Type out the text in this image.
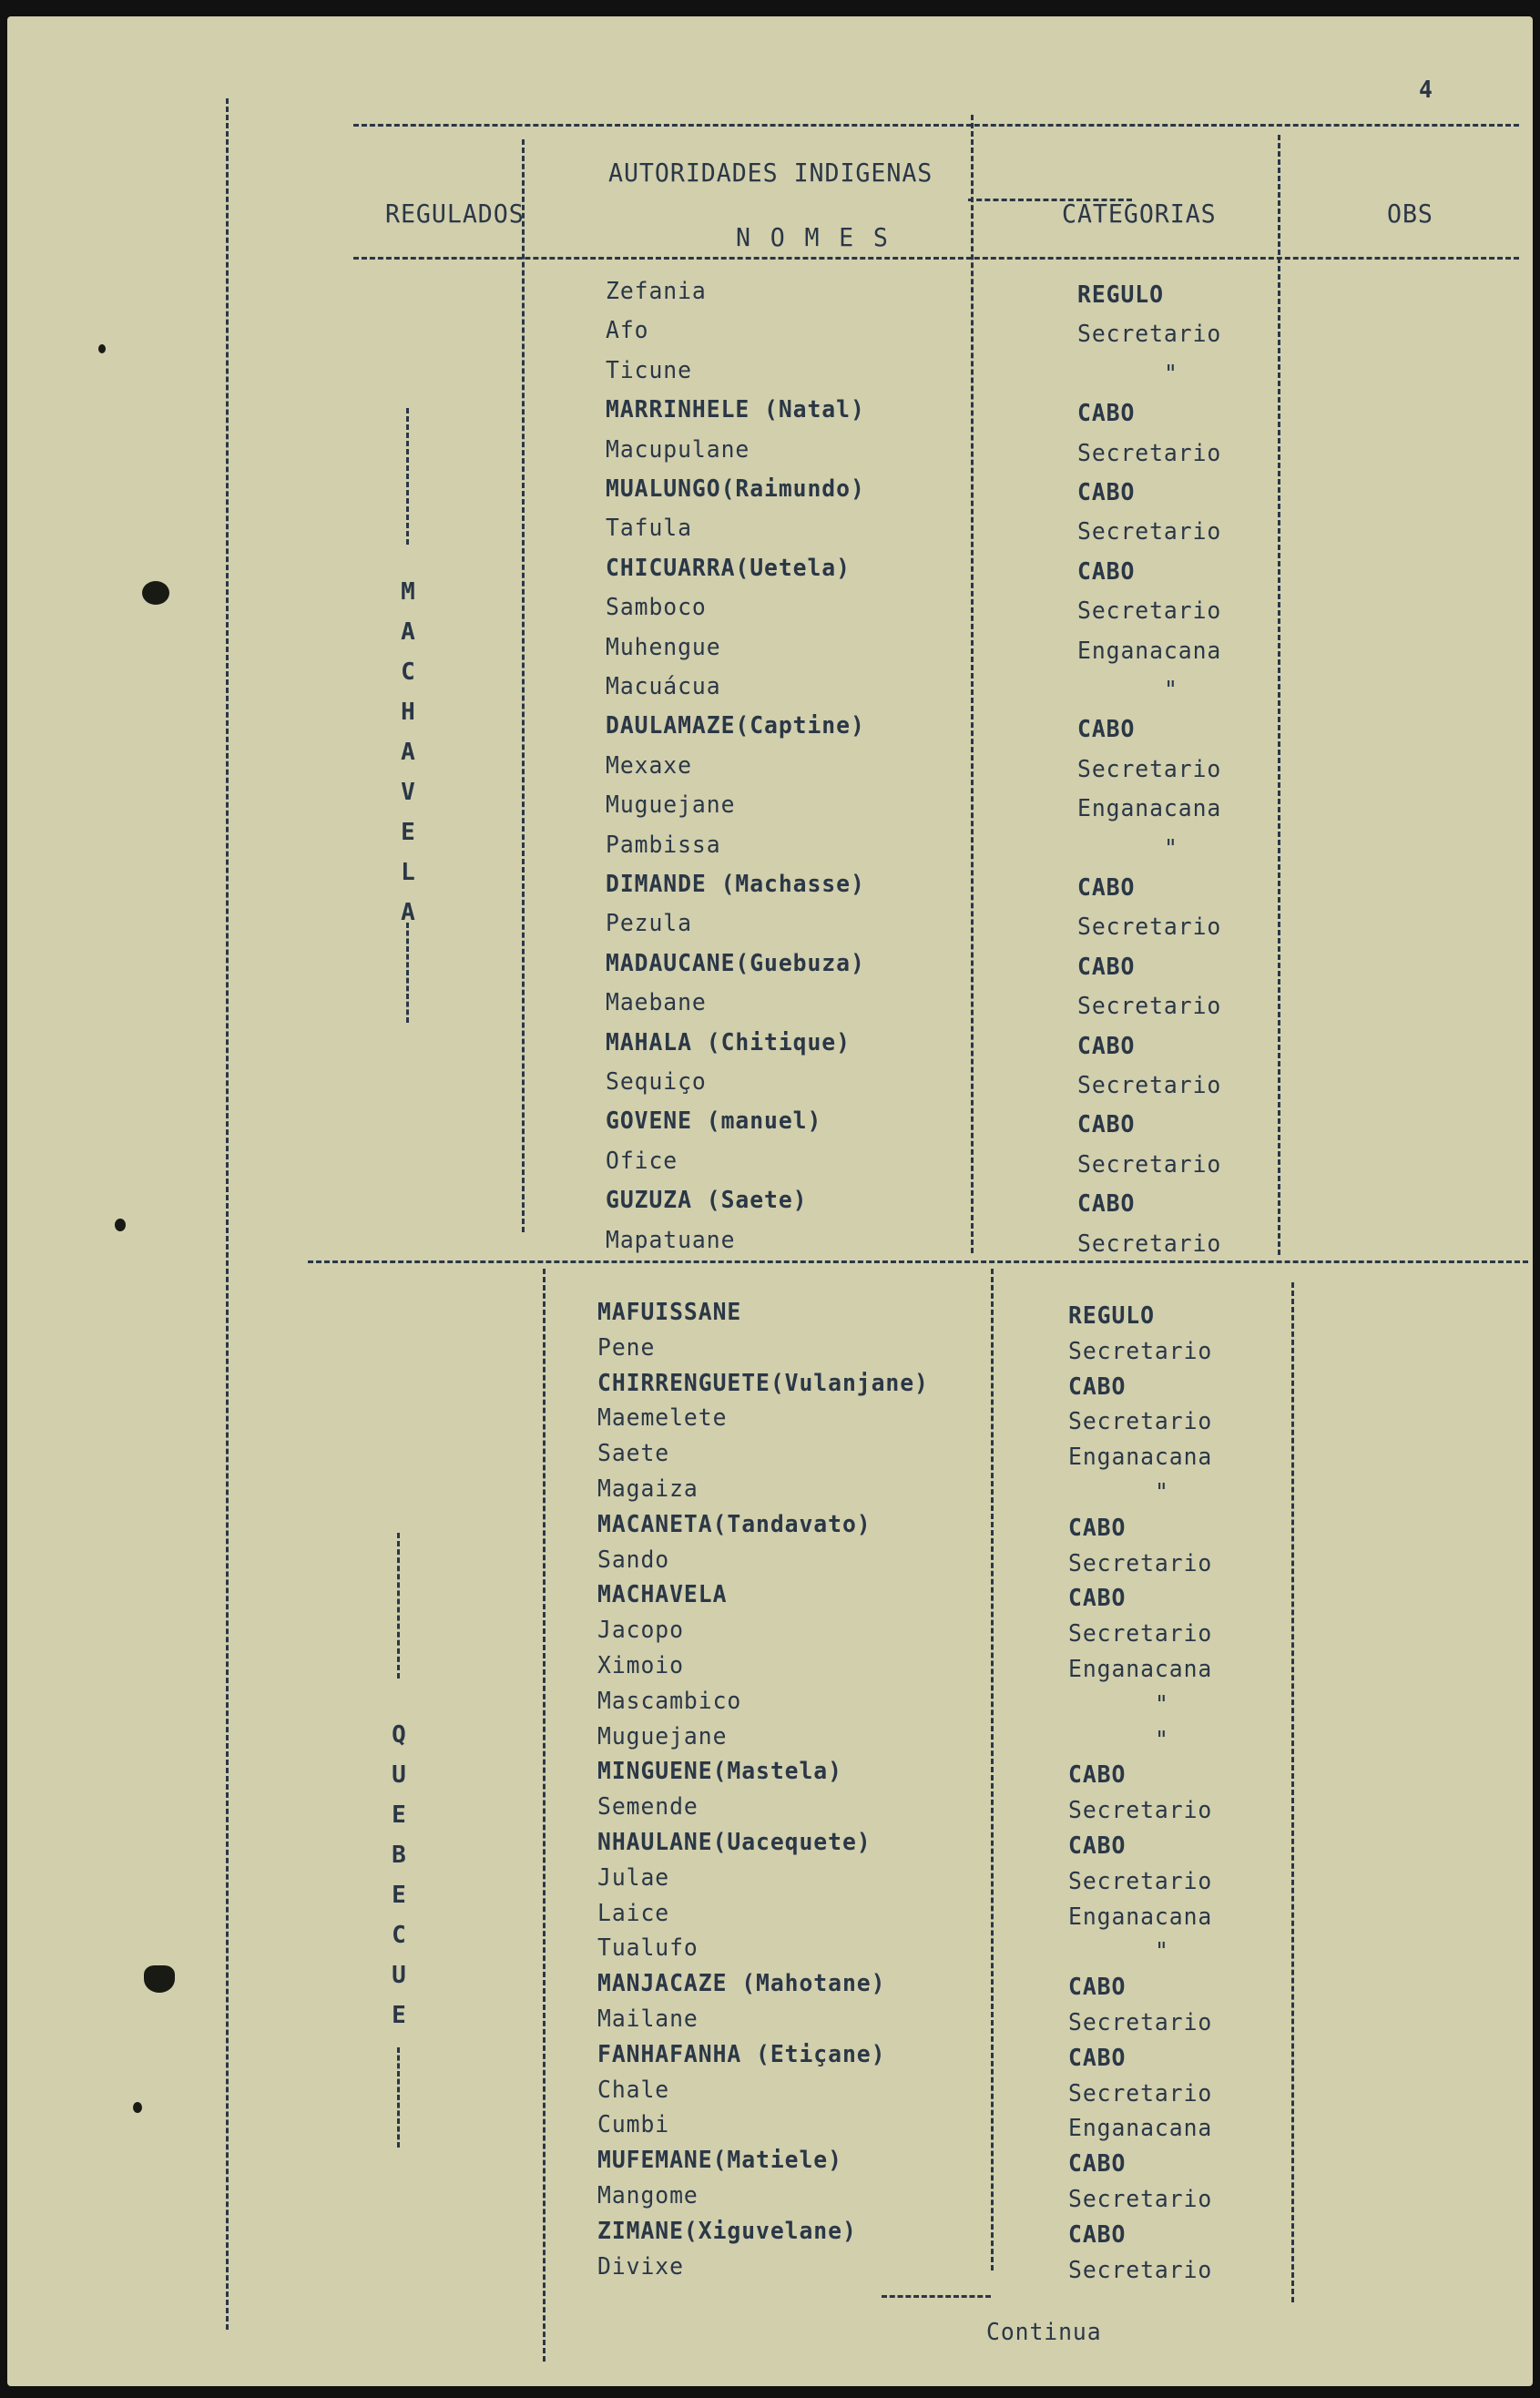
4
REGULADOS
AUTORIDADES INDIGENAS
N O M E S
CATEGORIAS	OBS
M
A
C
H
A
V
E
L
A
Q
U
E
B
E
C
U
E
Zefania	REGULO
Afo	Secretario
Ticune	"
MARRINHELE (Natal)	CABO
Macupulane	Secretario
MUALUNGO(Raimundo)	CABO
Tafula	Secretario
CHICUARRA(Uetela)	CABO
Samboco	Secretario
Muhengue	Enganacana
Macuácua	"
DAULAMAZE(Captine)	CABO
Mexaxe	Secretario
Muguejane	Enganacana
Pambissa	"
DIMANDE (Machasse)	CABO
Pezula	Secretario
MADAUCANE(Guebuza)	CABO
Maebane	Secretario
MAHALA (Chitique)	CABO
Sequiço	Secretario
GOVENE (manuel)	CABO
Ofice	Secretario
GUZUZA (Saete)	CABO
Mapatuane	Secretario
MAFUISSANE	REGULO
Pene	Secretario
CHIRRENGUETE(Vulanjane)	CABO
Maemelete	Secretario
Saete	Enganacana
Magaiza	"
MACANETA(Tandavato)	CABO
Sando	Secretario
MACHAVELA	CABO
Jacopo	Secretario
Ximoio	Enganacana
Mascambico	"
Muguejane	"
MINGUENE(Mastela)	CABO
Semende	Secretario
NHAULANE(Uacequete)	CABO
Julae	Secretario
Laice	Enganacana
Tualufo	"
MANJACAZE (Mahotane)	CABO
Mailane	Secretario
FANHAFANHA (Etiçane)	CABO
Chale	Secretario
Cumbi	Enganacana
MUFEMANE(Matiele)	CABO
Mangome	Secretario
ZIMANE(Xiguvelane)	CABO
Divixe	Secretario
Continua
